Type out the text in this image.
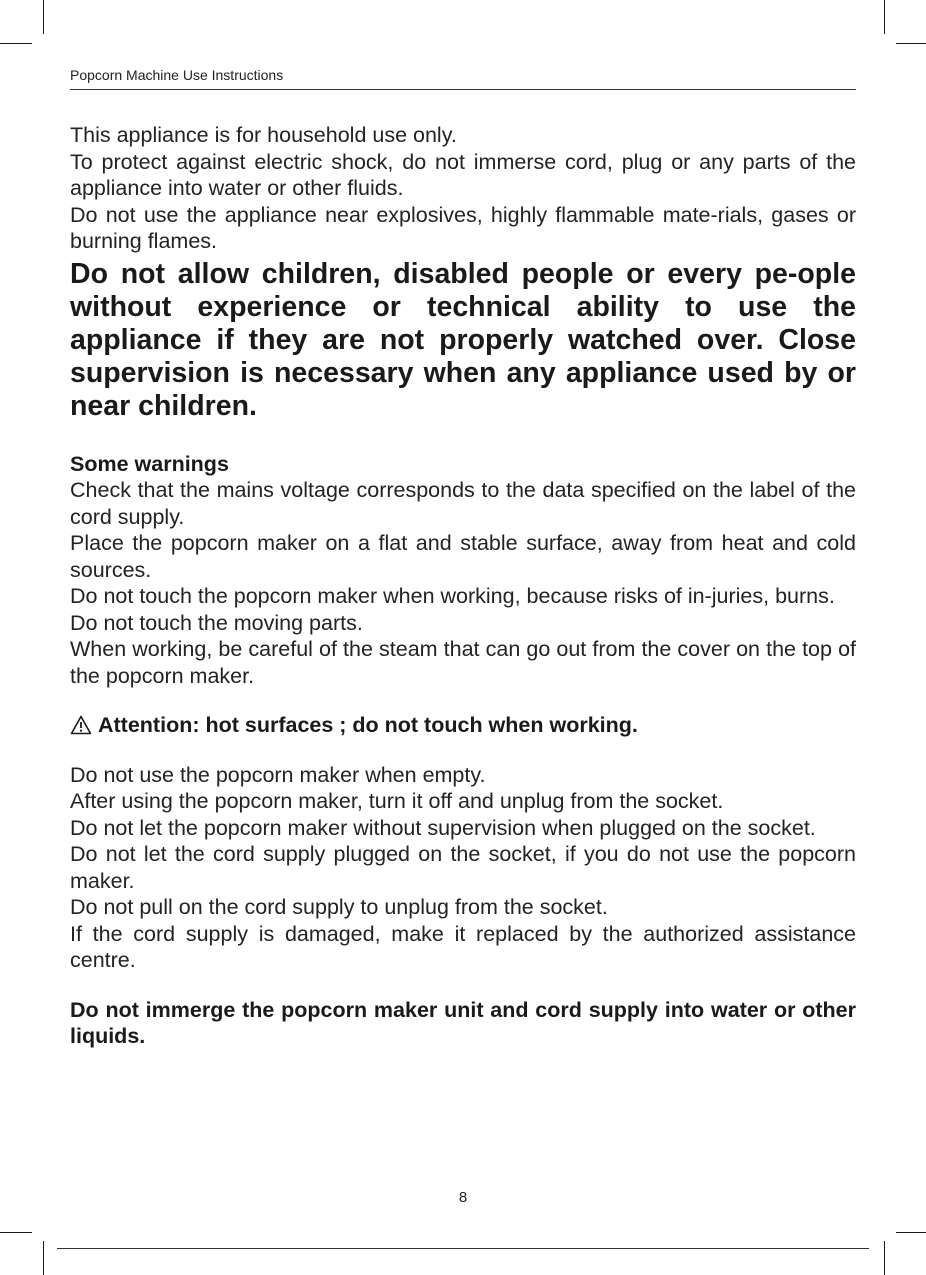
Popcorn Machine Use Instructions

This appliance is for household use only.

To protect against electric shock, do not immerse cord, plug or any parts of the appliance into water or other fluids.

Do not use the appliance near explosives, highly flammable mate-rials, gases or burning flames.

Do not allow children, disabled people or every pe-ople without experience or technical ability to use the appliance if they are not properly watched over. Close supervision is necessary when any appliance used by or near children.

Some warnings

Check that the mains voltage corresponds to the data specified on the label of the cord supply.

Place the popcorn maker on a flat and stable surface, away from heat and cold sources.

Do not touch the popcorn maker when working, because risks of in-juries, burns.

Do not touch the moving parts.

When working, be careful of the steam that can go out from the cover on the top of the popcorn maker.

Attention: hot surfaces ; do not touch when working.

Do not use the popcorn maker when empty.

After using the popcorn maker, turn it off and unplug from the socket.

Do not let the popcorn maker without supervision when plugged on the socket.

Do not let the cord supply plugged on the socket, if you do not use the popcorn maker.

Do not pull on the cord supply to unplug from the socket.

If the cord supply is damaged, make it replaced by the authorized assistance centre.

Do not immerge the popcorn maker unit and cord supply into water or other liquids.

8
